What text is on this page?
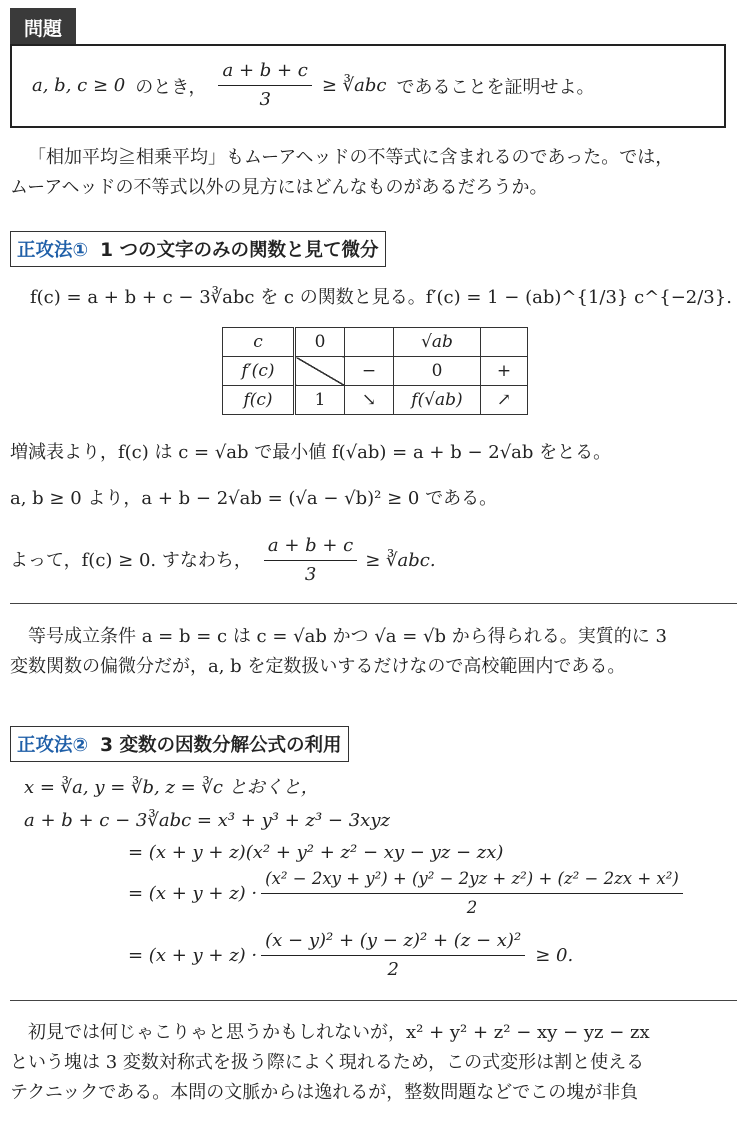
問題
a, b, c ≥ 0 のとき， $\frac{a + b + c}{3}$ ≥ ∛abc であることを証明せよ。
「相加平均≧相乗平均」もムーアヘッドの不等式に含まれるのであった。では，
ムーアヘッドの不等式以外の見方にはどんなものがあるだろうか。
正攻法① 1 つの文字のみの関数と見て微分
f(c) = a + b + c − 3∛abc を c の関数と見る。f′(c) = 1 − (ab)^{1/3} c^{−2/3}.
c	0		√ab	
f′(c)		−	0	+
f(c)	1	↘	f(√ab)	↗
増減表より，f(c) は c = √ab で最小値 f(√ab) = a + b − 2√ab をとる。
a, b ≥ 0 より，a + b − 2√ab = (√a − √b)² ≥ 0 である。
よって，f(c) ≥ 0. すなわち， $\frac{a + b + c}{3}$ ≥ ∛abc.
等号成立条件 a = b = c は c = √ab かつ √a = √b から得られる。実質的に 3
変数関数の偏微分だが，a, b を定数扱いするだけなので高校範囲内である。
正攻法② 3 変数の因数分解公式の利用
x = ∛a, y = ∛b, z = ∛c とおくと，
a + b + c − 3∛abc = x³ + y³ + z³ − 3xyz
= (x + y + z)(x² + y² + z² − xy − yz − zx)
= $(x + y + z) \cdot \frac{\text{(x² − 2xy + y²) + (y² − 2yz + z²) + (z² − 2zx + x²)}}{2}$
= $(x + y + z) \cdot \frac{\text{(x − y)² + (y − z)² + (z − x)²}}{2} \ge 0$.
初見では何じゃこりゃと思うかもしれないが，x² + y² + z² − xy − yz − zx
という塊は 3 変数対称式を扱う際によく現れるため，この式変形は割と使える
テクニックである。本問の文脈からは逸れるが，整数問題などでこの塊が非負
